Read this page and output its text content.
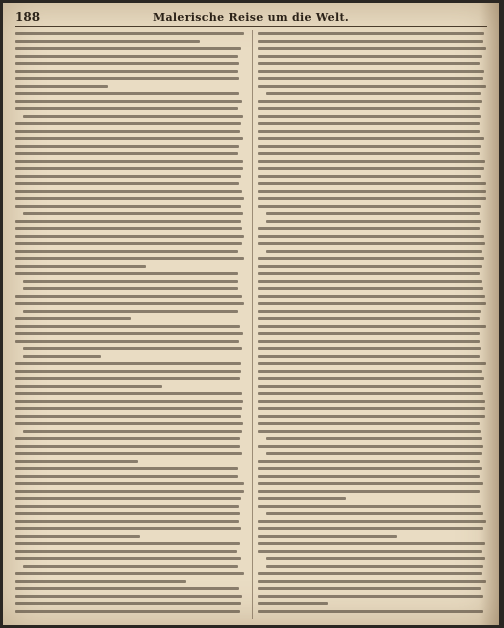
188	Malerische Reise um die Welt.
